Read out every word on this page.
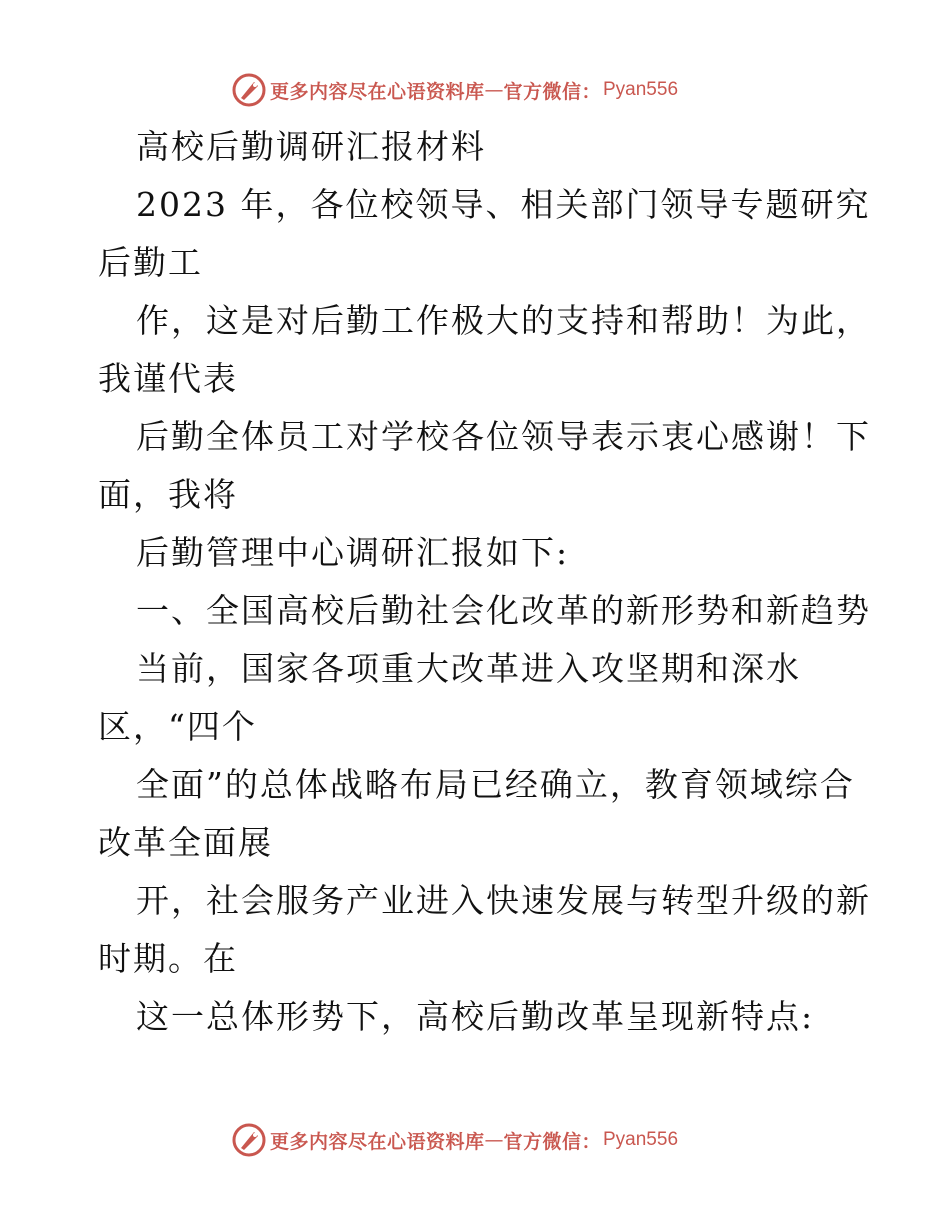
更多内容尽在心语资料库 — 官方微信： Pyan556
高校后勤调研汇报材料
2023 年，各位校领导、相关部门领导专题研究
后勤工
作，这是对后勤工作极大的支持和帮助！为此，
我谨代表
后勤全体员工对学校各位领导表示衷心感谢！下
面，我将
后勤管理中心调研汇报如下:
一、全国高校后勤社会化改革的新形势和新趋势
当前，国家各项重大改革进入攻坚期和深水
区，“四个
全面”的总体战略布局已经确立，教育领域综合
改革全面展
开，社会服务产业进入快速发展与转型升级的新
时期。在
这一总体形势下，高校后勤改革呈现新特点:
更多内容尽在心语资料库 — 官方微信： Pyan556
